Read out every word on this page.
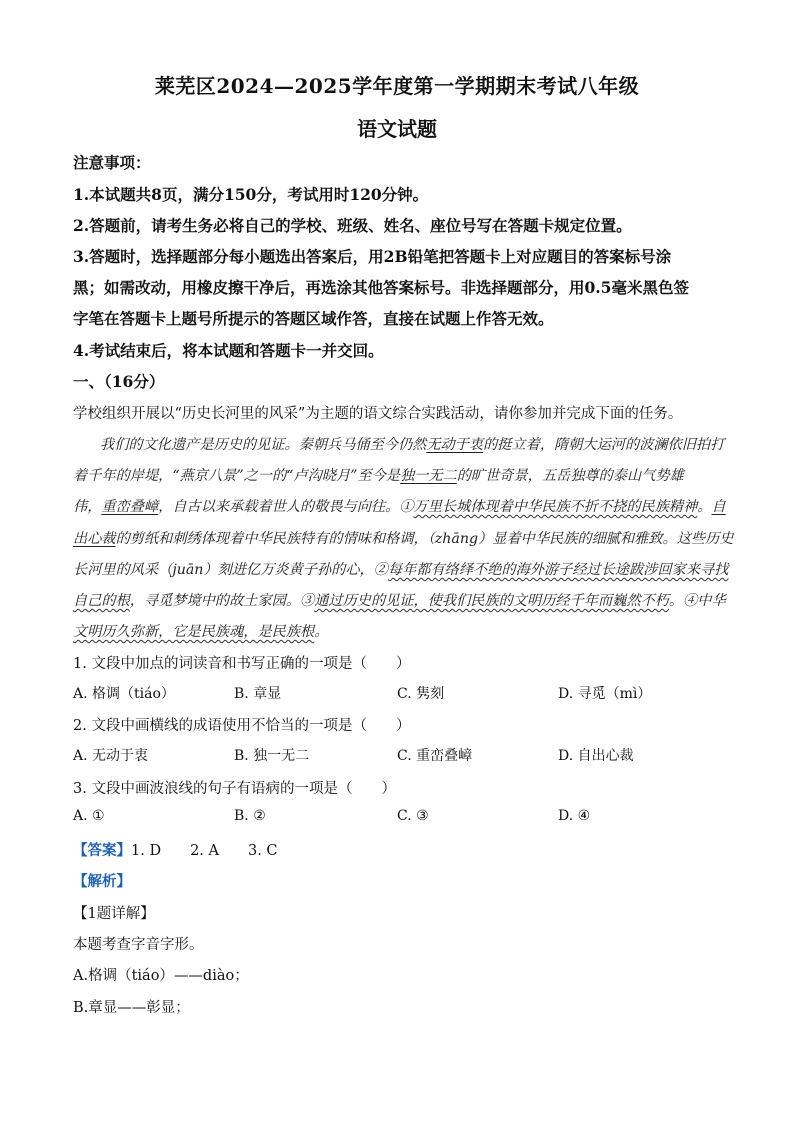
莱芜区2024—2025学年度第一学期期末考试八年级
语文试题
注意事项：
1.本试题共8页，满分150分，考试用时120分钟。
2.答题前，请考生务必将自己的学校、班级、姓名、座位号写在答题卡规定位置。
3.答题时，选择题部分每小题选出答案后，用2B铅笔把答题卡上对应题目的答案标号涂
黑；如需改动，用橡皮擦干净后，再选涂其他答案标号。非选择题部分，用0.5毫米黑色签
字笔在答题卡上题号所提示的答题区域作答，直接在试题上作答无效。
4.考试结束后，将本试题和答题卡一并交回。
一、（16分）
学校组织开展以“历史长河里的风采”为主题的语文综合实践活动，请你参加并完成下面的任务。
我们的文化遗产是历史的见证。秦朝兵马俑至今仍然无动于衷的挺立着，隋朝大运河的波澜依旧拍打
着千年的岸堤，“燕京八景”之一的“卢沟晓月”至今是独一无二的旷世奇景，五岳独尊的泰山气势雄
伟，重峦叠嶂，自古以来承载着世人的敬畏与向往。①万里长城体现着中华民族不折不挠的民族精神。自
出心裁的剪纸和刺绣体现着中华民族特有的情味和格调，（zhāng）显着中华民族的细腻和雅致。这些历史
长河里的风采（juān）刻进亿万炎黄子孙的心，②每年都有络绎不绝的海外游子经过长途跋涉回家来寻找
自己的根，寻觅梦境中的故土家园。③通过历史的见证，使我们民族的文明历经千年而巍然不朽。④中华
文明历久弥新，它是民族魂，是民族根。
1. 文段中加点的词读音和书写正确的一项是（　　）
A. 格调（tiáo）	B. 章显	C. 隽刻	D. 寻觅（mì）
2. 文段中画横线的成语使用不恰当的一项是（　　）
A. 无动于衷	B. 独一无二	C. 重峦叠嶂	D. 自出心裁
3. 文段中画波浪线的句子有语病的一项是（　　）
A. ①	B. ②	C. ③	D. ④
【答案】1. D　　2. A　　3. C
【解析】
【1题详解】
本题考查字音字形。
A.格调（tiáo）——diào；
B.章显——彰显；
